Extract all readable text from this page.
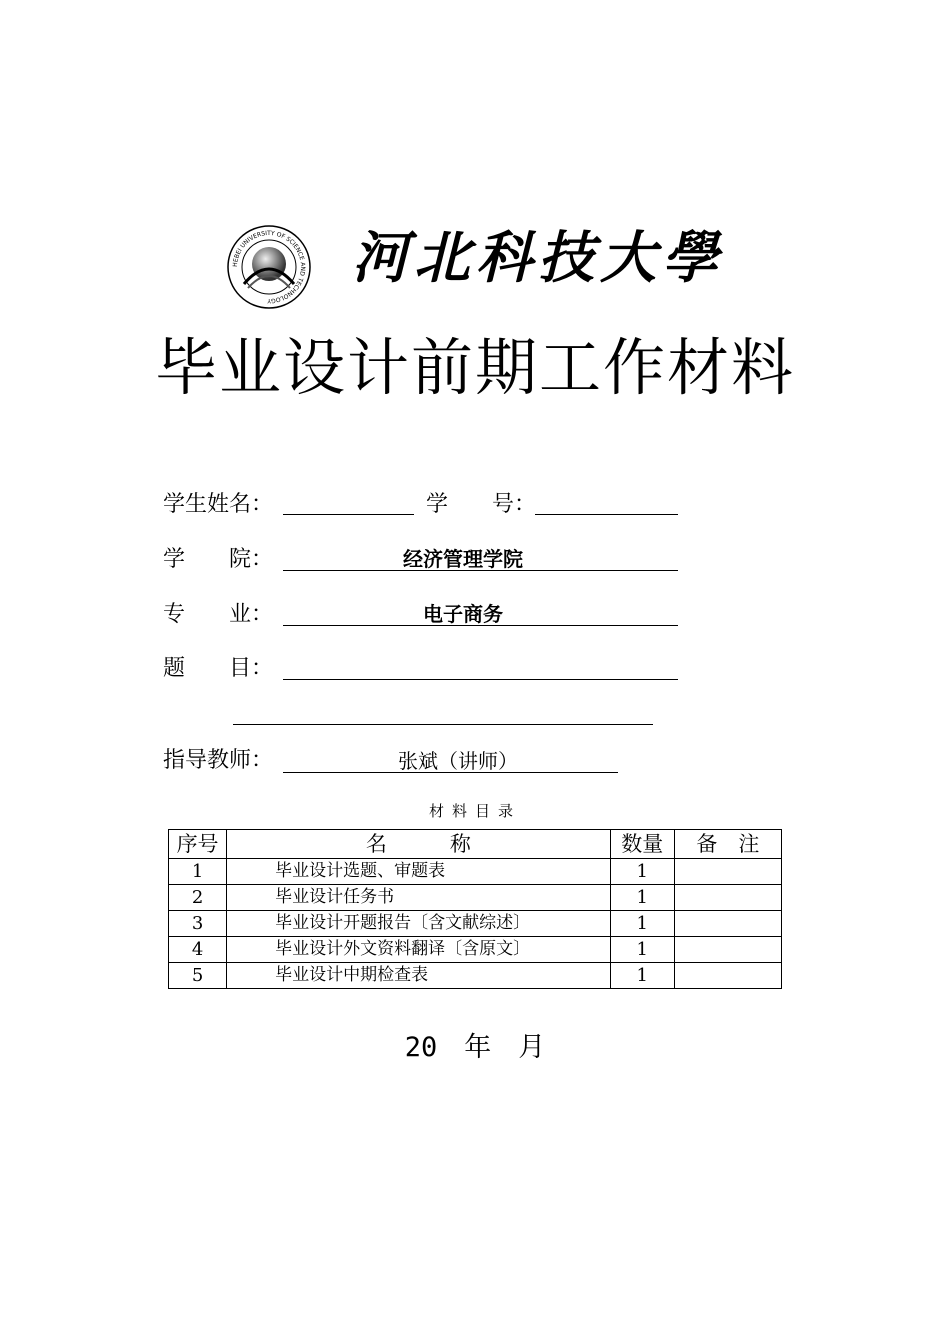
HEBEI UNIVERSITY OF SCIENCE AND TECHNOLOGY
河北科技大學
毕业设计前期工作材料
学生姓名：	学　　号：
学　　院：	经济管理学院
专　　业：	电子商务
题　　目：
指导教师：	张斌（讲师）
材料目录
序号	名　　　称	数量	备　注
1	毕业设计选题、审题表	1	
2	毕业设计任务书	1	
3	毕业设计开题报告〔含文献综述〕	1	
4	毕业设计外文资料翻译〔含原文〕	1	
5	毕业设计中期检查表	1	
20　年　月
